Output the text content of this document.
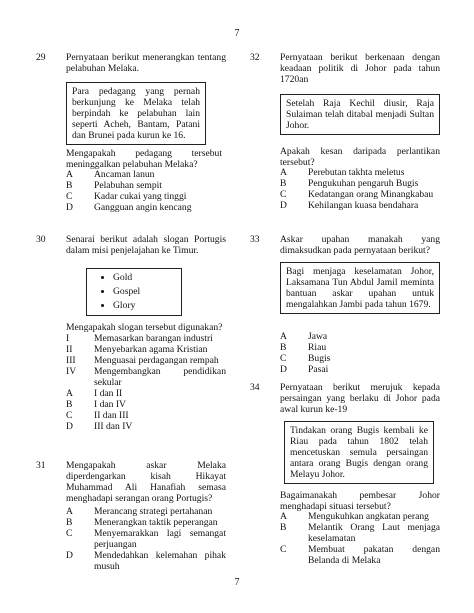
7
7
29	Pernyataan berikut menerangkan tentang pelabuhan Melaka.

Para pedagang yang pernah berkunjung ke Melaka telah berpindah ke pelabuhan lain seperti Acheh, Bantam, Patani dan Brunei pada kurun ke 16.

Mengapakah pedagang tersebut meninggalkan pelabuhan Melaka?
A	Ancaman lanun
B	Pelabuhan sempit
C	Kadar cukai yang tinggi
D	Gangguan angin kencang
30	Senarai berikut adalah slogan Portugis dalam misi penjelajahan ke Timur.
• Gold
• Gospel
• Glory
Mengapakah slogan tersebut digunakan?
I	Memasarkan barangan industri
II	Menyebarkan agama Kristian
III	Menguasai perdagangan rempah
IV	Mengembangkan pendidikan sekular
A	I dan II
B	I dan IV
C	II dan III
D	III dan IV
31	Mengapakah askar Melaka diperdengarkan kisah Hikayat Muhammad Ali Hanafiah semasa menghadapi serangan orang Portugis?
A	Merancang strategi pertahanan
B	Menerangkan taktik peperangan
C	Menyemarakkan lagi semangat perjuangan
D	Mendedahkan kelemahan pihak musuh
32	Pernyataan berikut berkenaan dengan keadaan politik di Johor pada tahun 1720an

Setelah Raja Kechil diusir, Raja Sulaiman telah ditabal menjadi Sultan Johor.

Apakah kesan daripada perlantikan tersebut?
A	Perebutan takhta meletus
B	Pengukuhan pengaruh Bugis
C	Kedatangan orang Minangkabau
D	Kehilangan kuasa bendahara
33	Askar upahan manakah yang dimaksudkan pada pernyataan berikut?

Bagi menjaga keselamatan Johor, Laksamana Tun Abdul Jamil meminta bantuan askar upahan untuk mengalahkan Jambi pada tahun 1679.

A	Jawa
B	Riau
C	Bugis
D	Pasai
34	Pernyataan berikut merujuk kepada persaingan yang berlaku di Johor pada awal kurun ke-19

Tindakan orang Bugis kembali ke Riau pada tahun 1802 telah mencetuskan semula persaingan antara orang Bugis dengan orang Melayu Johor.

Bagaimanakah pembesar Johor menghadapi situasi tersebut?
A	Mengukuhkan angkatan perang
B	Melantik Orang Laut menjaga keselamatan
C	Membuat pakatan dengan Belanda di Melaka
